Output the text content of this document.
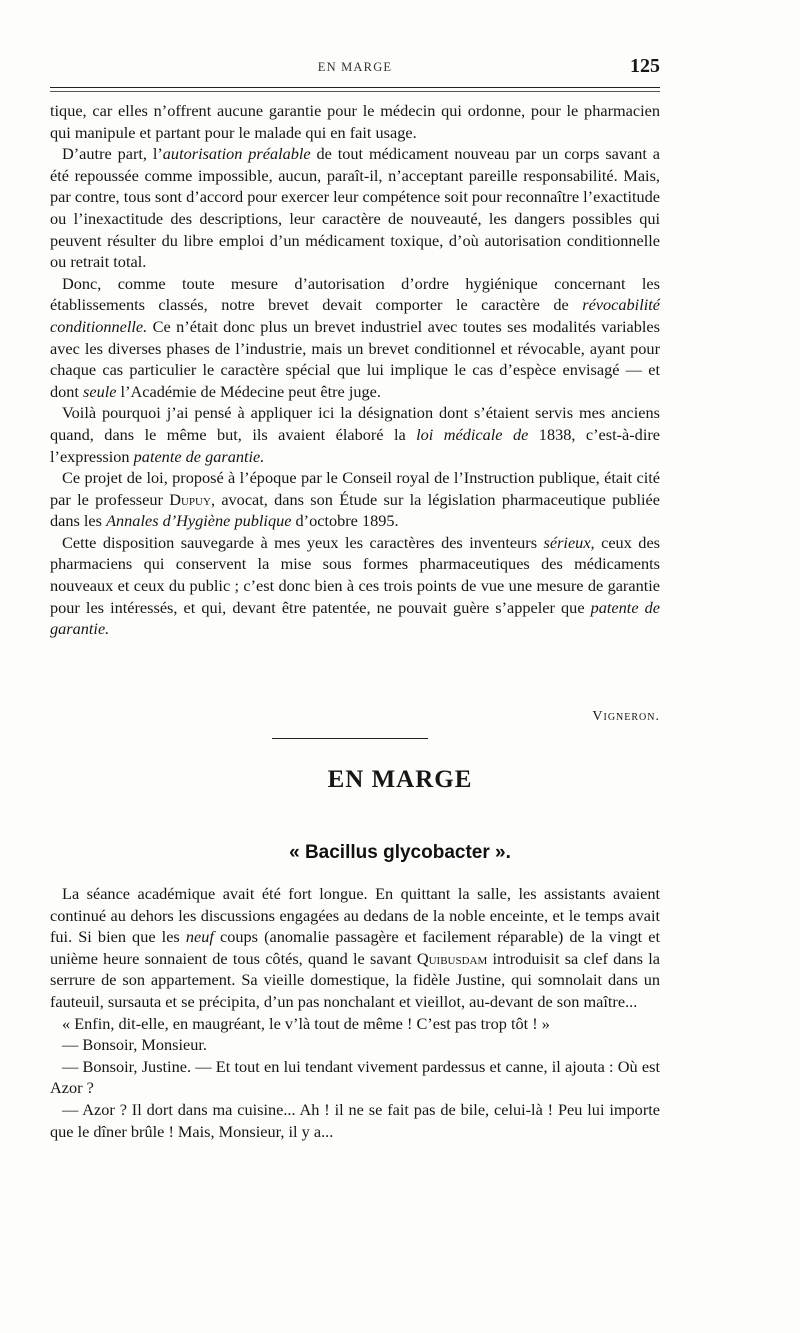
EN MARGE	125

tique, car elles n’offrent aucune garantie pour le médecin qui ordonne, pour le pharmacien qui manipule et partant pour le malade qui en fait usage.

D’autre part, l’autorisation préalable de tout médicament nouveau par un corps savant a été repoussée comme impossible, aucun, paraît-il, n’acceptant pareille responsabilité. Mais, par contre, tous sont d’accord pour exercer leur compétence soit pour reconnaître l’exactitude ou l’inexactitude des descriptions, leur caractère de nouveauté, les dangers possibles qui peuvent résulter du libre emploi d’un médicament toxique, d’où autorisation conditionnelle ou retrait total.

Donc, comme toute mesure d’autorisation d’ordre hygiénique concernant les établissements classés, notre brevet devait comporter le caractère de révocabilité conditionnelle. Ce n’était donc plus un brevet industriel avec toutes ses modalités variables avec les diverses phases de l’industrie, mais un brevet conditionnel et révocable, ayant pour chaque cas particulier le caractère spécial que lui implique le cas d’espèce envisagé — et dont seule l’Académie de Médecine peut être juge.

Voilà pourquoi j’ai pensé à appliquer ici la désignation dont s’étaient servis mes anciens quand, dans le même but, ils avaient élaboré la loi médicale de 1838, c’est-à-dire l’expression patente de garantie.

Ce projet de loi, proposé à l’époque par le Conseil royal de l’Instruction publique, était cité par le professeur Dupuy, avocat, dans son Étude sur la législation pharmaceutique publiée dans les Annales d’Hygiène publique d’octobre 1895.

Cette disposition sauvegarde à mes yeux les caractères des inventeurs sérieux, ceux des pharmaciens qui conservent la mise sous formes pharmaceutiques des médicaments nouveaux et ceux du public ; c’est donc bien à ces trois points de vue une mesure de garantie pour les intéressés, et qui, devant être patentée, ne pouvait guère s’appeler que patente de garantie.

Vigneron.
EN MARGE
« Bacillus glycobacter ».

La séance académique avait été fort longue. En quittant la salle, les assistants avaient continué au dehors les discussions engagées au dedans de la noble enceinte, et le temps avait fui. Si bien que les neuf coups (anomalie passagère et facilement réparable) de la vingt et unième heure sonnaient de tous côtés, quand le savant Quibusdam introduisit sa clef dans la serrure de son appartement. Sa vieille domestique, la fidèle Justine, qui somnolait dans un fauteuil, sursauta et se précipita, d’un pas nonchalant et vieillot, au-devant de son maître...

« Enfin, dit-elle, en maugréant, le v’là tout de même ! C’est pas trop tôt ! »

— Bonsoir, Monsieur.

— Bonsoir, Justine. — Et tout en lui tendant vivement pardessus et canne, il ajouta : Où est Azor ?

— Azor ? Il dort dans ma cuisine... Ah ! il ne se fait pas de bile, celui-là ! Peu lui importe que le dîner brûle ! Mais, Monsieur, il y a...
